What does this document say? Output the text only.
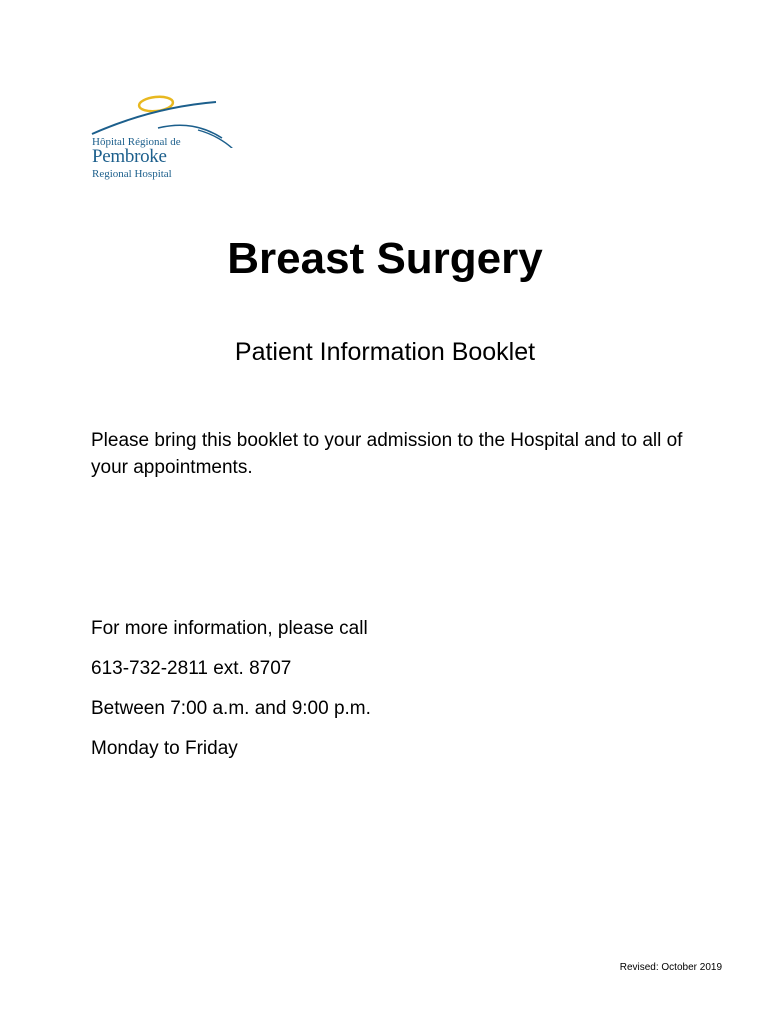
Hôpital Régional de
Pembroke
Regional Hospital
Breast Surgery
Patient Information Booklet

Please bring this booklet to your admission to the Hospital and to all of your appointments.

For more information, please call
613-732-2811 ext. 8707
Between 7:00 a.m. and 9:00 p.m.
Monday to Friday
Revised: October 2019
